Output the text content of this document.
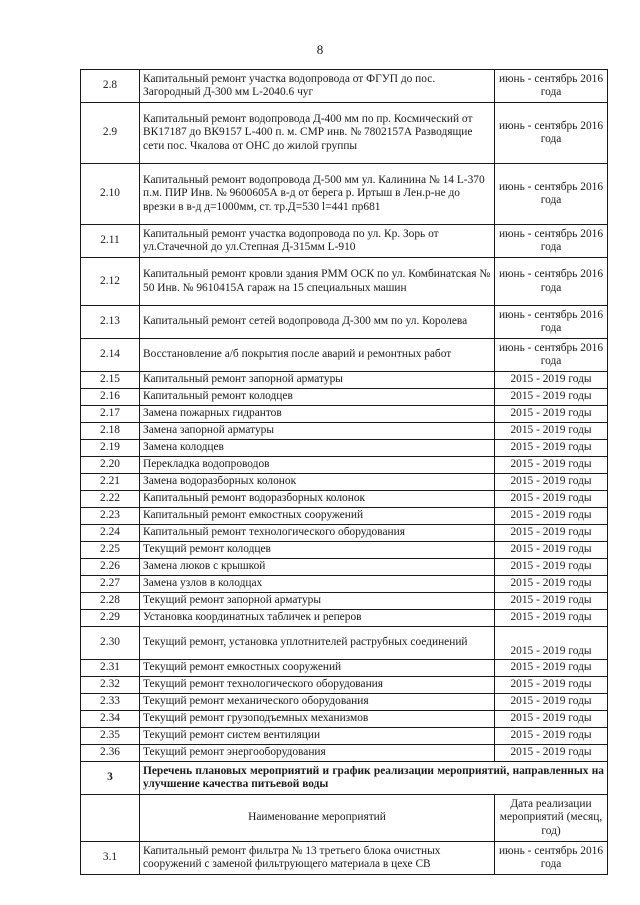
8
2.8	Капитальный ремонт участка водопровода от ФГУП до пос. Загородный Д-300 мм L-2040.6 чуг	июнь - сентябрь 2016 года
2.9	Капитальный ремонт водопровода Д-400 мм по пр. Космический от ВК17187 до ВК9157 L-400 п. м. СМР инв. № 7802157А Разводящие сети пос. Чкалова от ОНС до жилой группы	июнь - сентябрь 2016 года
2.10	Капитальный ремонт водопровода Д-500 мм ул. Калинина № 14 L-370 п.м. ПИР Инв. № 9600605А в-д от берега р. Иртыш в Лен.р-не до врезки в в-д д=1000мм, ст. тр.Д=530 l=441 пр681	июнь - сентябрь 2016 года
2.11	Капитальный ремонт участка водопровода по ул. Кр. Зорь от ул.Стачечной до ул.Степная Д-315мм L-910	июнь - сентябрь 2016 года
2.12	Капитальный ремонт кровли здания РММ ОСК по ул. Комбинатская № 50 Инв. № 9610415А гараж на 15 специальных машин	июнь - сентябрь 2016 года
2.13	Капитальный ремонт сетей водопровода Д-300 мм по ул. Королева	июнь - сентябрь 2016 года
2.14	Восстановление а/б покрытия после аварий и ремонтных работ	июнь - сентябрь 2016 года
2.15	Капитальный ремонт запорной арматуры	2015 - 2019 годы
2.16	Капитальный ремонт колодцев	2015 - 2019 годы
2.17	Замена пожарных гидрантов	2015 - 2019 годы
2.18	Замена запорной арматуры	2015 - 2019 годы
2.19	Замена колодцев	2015 - 2019 годы
2.20	Перекладка водопроводов	2015 - 2019 годы
2.21	Замена водоразборных колонок	2015 - 2019 годы
2.22	Капитальный ремонт водоразборных колонок	2015 - 2019 годы
2.23	Капитальный ремонт емкостных сооружений	2015 - 2019 годы
2.24	Капитальный ремонт технологического оборудования	2015 - 2019 годы
2.25	Текущий ремонт колодцев	2015 - 2019 годы
2.26	Замена люков с крышкой	2015 - 2019 годы
2.27	Замена узлов в колодцах	2015 - 2019 годы
2.28	Текущий ремонт запорной арматуры	2015 - 2019 годы
2.29	Установка координатных табличек и реперов	2015 - 2019 годы
2.30	Текущий ремонт, установка уплотнителей раструбных соединений	2015 - 2019 годы
2.31	Текущий ремонт емкостных сооружений	2015 - 2019 годы
2.32	Текущий ремонт технологического оборудования	2015 - 2019 годы
2.33	Текущий ремонт механического оборудования	2015 - 2019 годы
2.34	Текущий ремонт грузоподъемных механизмов	2015 - 2019 годы
2.35	Текущий ремонт систем вентиляции	2015 - 2019 годы
2.36	Текущий ремонт энергооборудования	2015 - 2019 годы
3	Перечень плановых мероприятий и график реализации мероприятий, направленных на улучшение качества питьевой воды	
	Наименование мероприятий	Дата реализации мероприятий (месяц, год)
3.1	Капитальный ремонт фильтра № 13 третьего блока очистных сооружений с заменой фильтрующего материала в цехе СВ	июнь - сентябрь 2016 года
